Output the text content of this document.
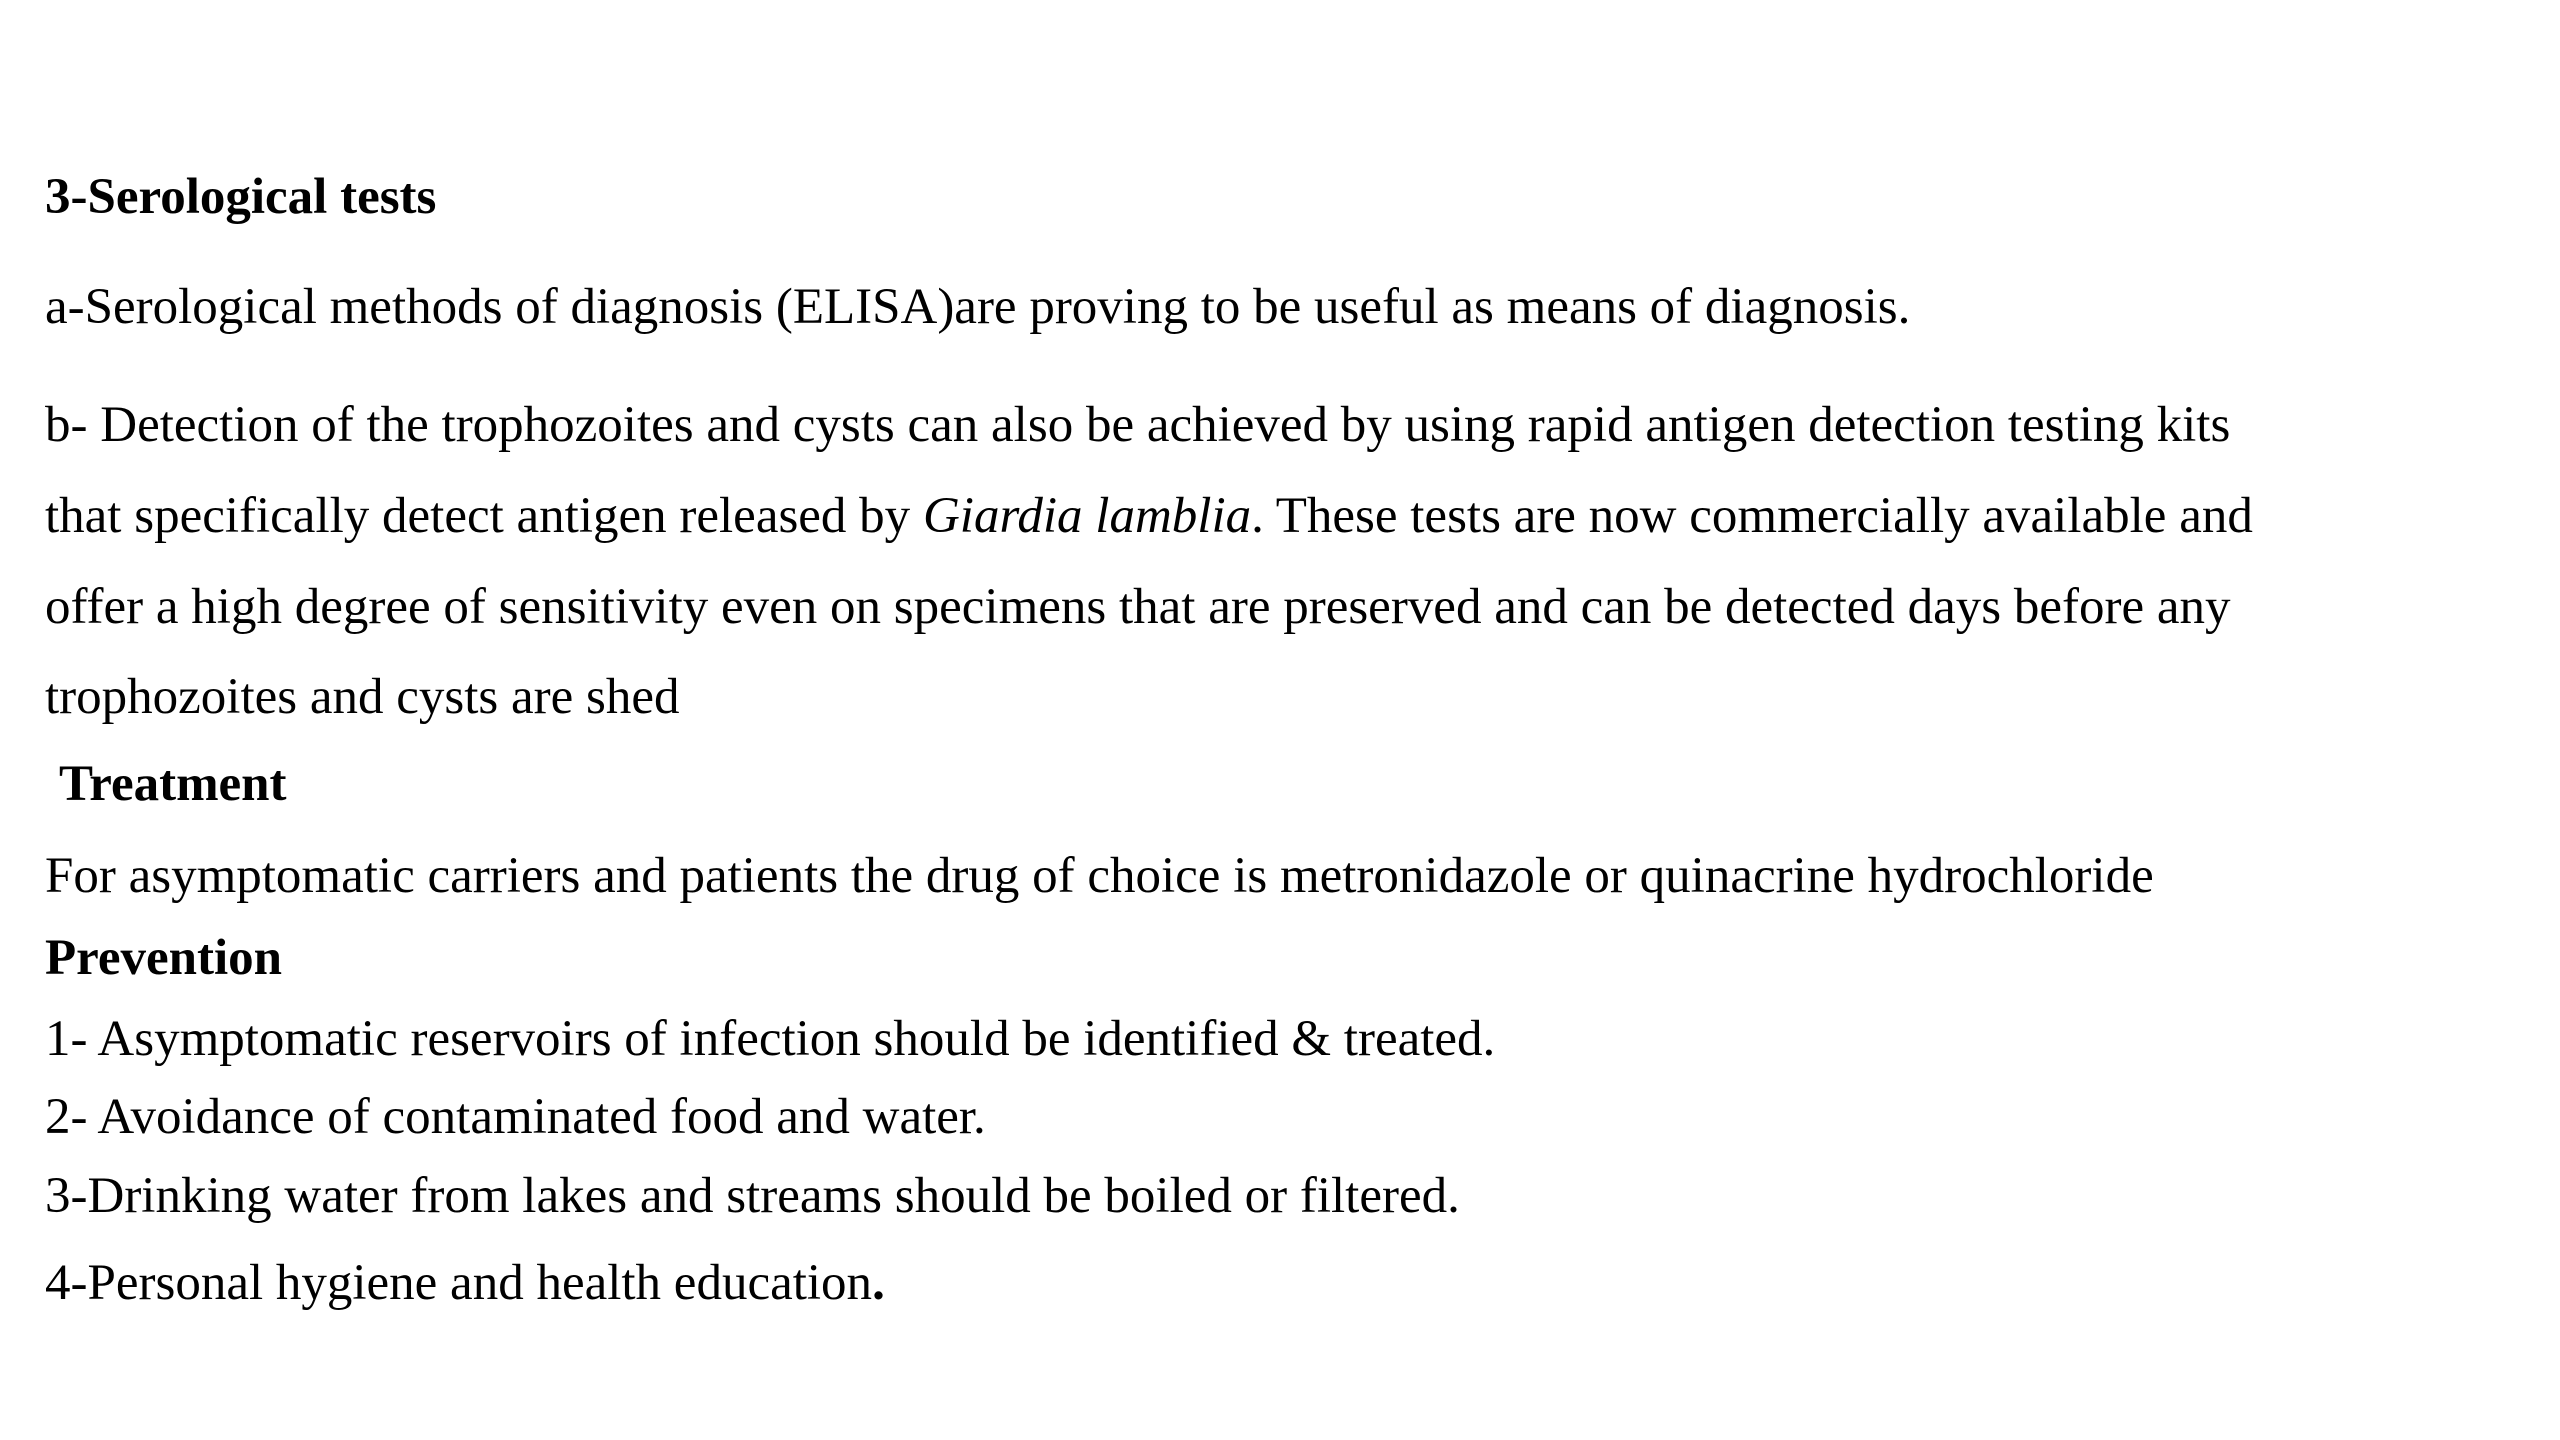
3-Serological tests
a-Serological methods of diagnosis (ELISA)are proving to be useful as means of diagnosis.
b- Detection of the trophozoites and cysts can also be achieved by using rapid antigen detection testing kits
that specifically detect antigen released by Giardia lamblia. These tests are now commercially available and
offer a high degree of sensitivity even on specimens that are preserved and can be detected days before any
trophozoites and cysts are shed
Treatment
For asymptomatic carriers and patients the drug of choice is metronidazole or quinacrine hydrochloride
Prevention
1- Asymptomatic reservoirs of infection should be identified & treated.
2- Avoidance of contaminated food and water.
3-Drinking water from lakes and streams should be boiled or filtered.
4-Personal hygiene and health education.
